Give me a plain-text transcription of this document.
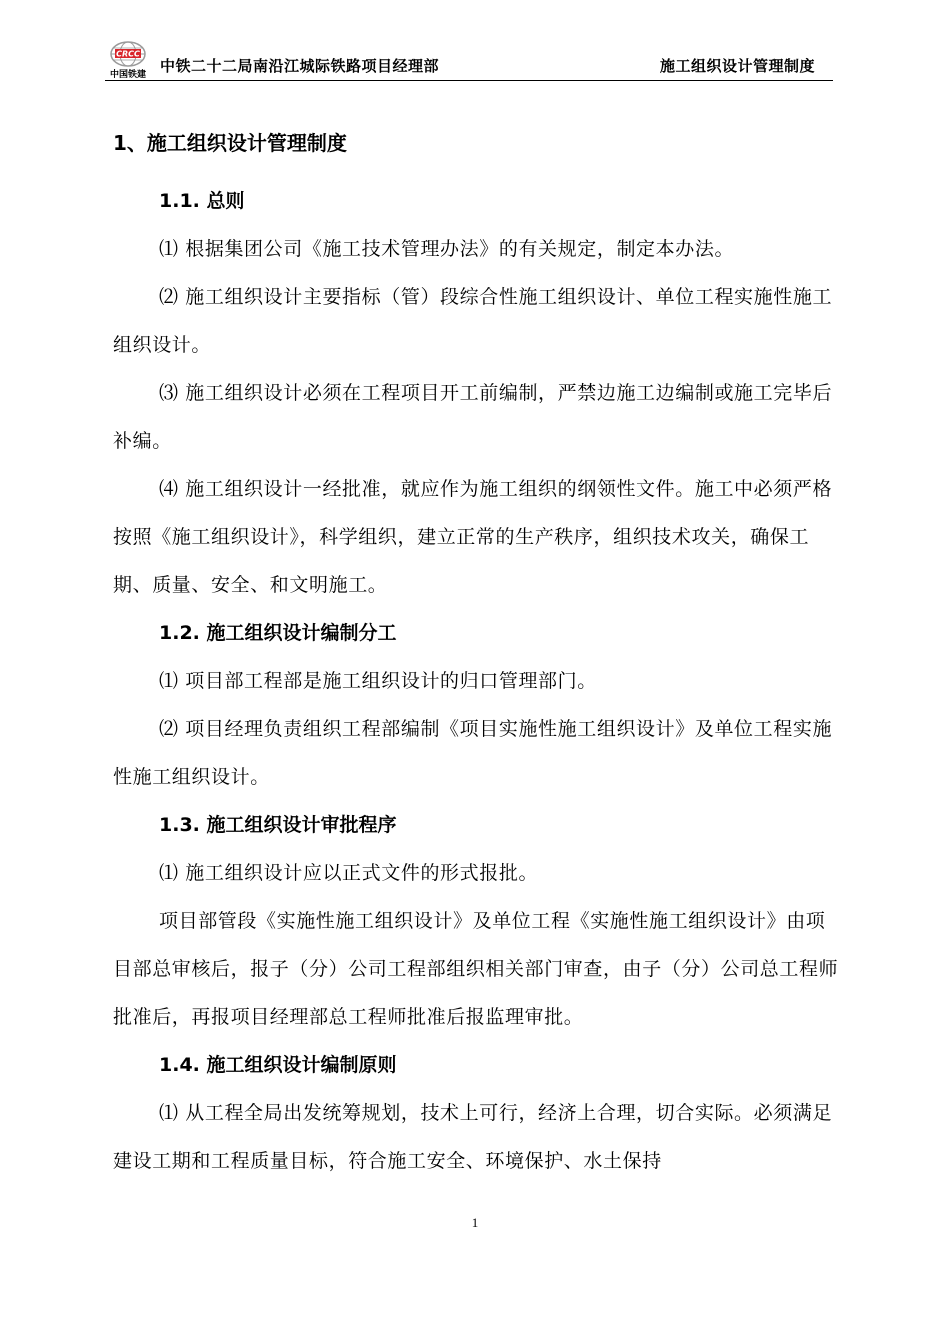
CRCC
中国铁建 中铁二十二局南沿江城际铁路项目经理部	施工组织设计管理制度
1、施工组织设计管理制度
1.1. 总则

⑴ 根据集团公司《施工技术管理办法》的有关规定，制定本办法。

⑵ 施工组织设计主要指标（管）段综合性施工组织设计、单位工程实施性施工组织设计。

⑶ 施工组织设计必须在工程项目开工前编制，严禁边施工边编制或施工完毕后补编。

⑷ 施工组织设计一经批准，就应作为施工组织的纲领性文件。施工中必须严格按照《施工组织设计》，科学组织，建立正常的生产秩序，组织技术攻关，确保工期、质量、安全、和文明施工。

1.2. 施工组织设计编制分工

⑴ 项目部工程部是施工组织设计的归口管理部门。

⑵ 项目经理负责组织工程部编制《项目实施性施工组织设计》及单位工程实施性施工组织设计。

1.3. 施工组织设计审批程序

⑴ 施工组织设计应以正式文件的形式报批。

项目部管段《实施性施工组织设计》及单位工程《实施性施工组织设计》由项目部总审核后，报子（分）公司工程部组织相关部门审查，由子（分）公司总工程师批准后，再报项目经理部总工程师批准后报监理审批。

1.4. 施工组织设计编制原则

⑴ 从工程全局出发统筹规划，技术上可行，经济上合理，切合实际。必须满足建设工期和工程质量目标，符合施工安全、环境保护、水土保持

1
